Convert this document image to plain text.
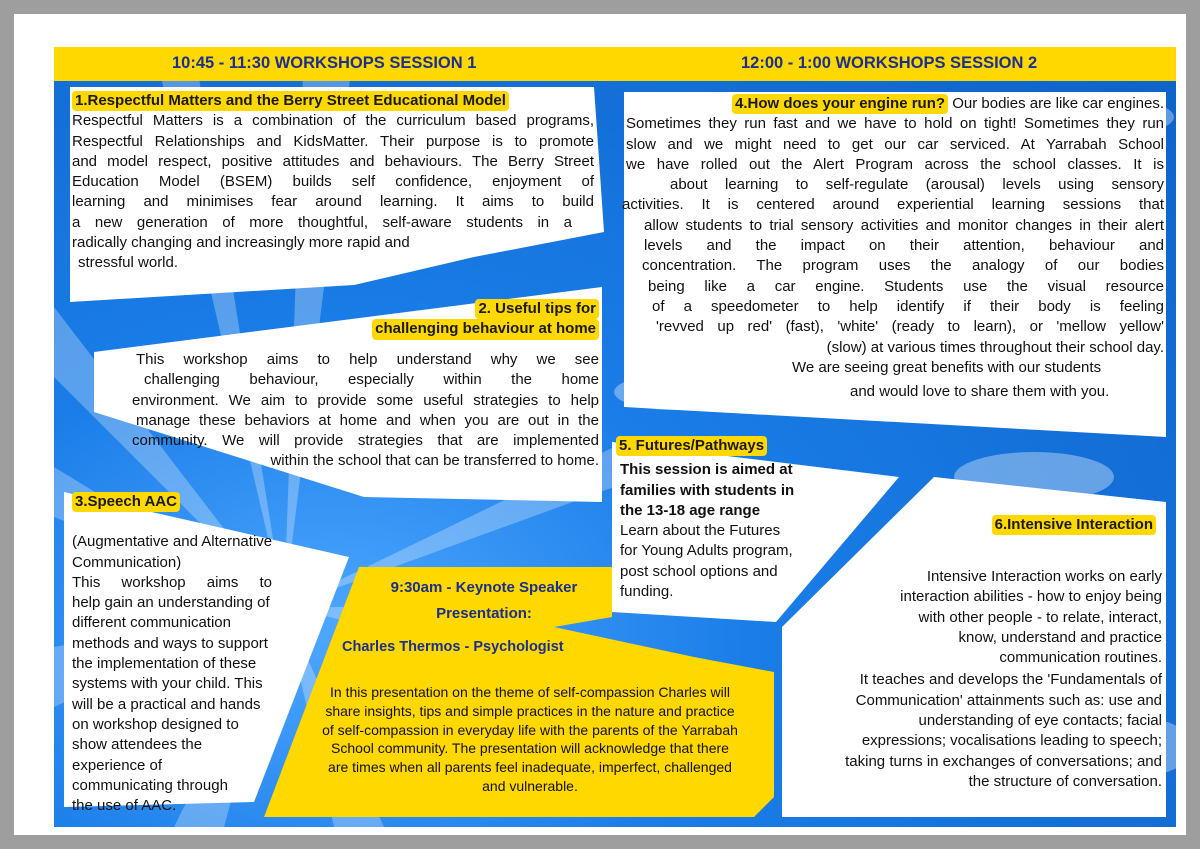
10:45 - 11:30 WORKSHOPS SESSION 1	12:00 - 1:00 WORKSHOPS SESSION 2
1.Respectful Matters and the Berry Street Educational Model
Respectful Matters is a combination of the curriculum based programs,
Respectful Relationships and KidsMatter. Their purpose is to promote
and model respect, positive attitudes and behaviours. The Berry Street
Education Model (BSEM) builds self confidence, enjoyment of
learning and minimises fear around learning. It aims to build
a new generation of more thoughtful, self-aware students in a
radically changing and increasingly more rapid and
stressful world.
2. Useful tips for
challenging behaviour at home
This workshop aims to help understand why we see
challenging behaviour, especially within the home
environment. We aim to provide some useful strategies to help
manage these behaviors at home and when you are out in the
community. We will provide strategies that are implemented
within the school that can be transferred to home.
3.Speech AAC
(Augmentative and Alternative
Communication)
This workshop aims to
help gain an understanding of
different communication
methods and ways to support
the implementation of these
systems with your child. This
will be a practical and hands
on workshop designed to
show attendees the
experience of
communicating through
the use of AAC.
4.How does your engine run? Our bodies are like car engines.
Sometimes they run fast and we have to hold on tight! Sometimes they run
slow and we might need to get our car serviced. At Yarrabah School
we have rolled out the Alert Program across the school classes. It is
about learning to self-regulate (arousal) levels using sensory
activities. It is centered around experiential learning sessions that
allow students to trial sensory activities and monitor changes in their alert
levels and the impact on their attention, behaviour and
concentration. The program uses the analogy of our bodies
being like a car engine. Students use the visual resource
of a speedometer to help identify if their body is feeling
'revved up red' (fast), 'white' (ready to learn), or 'mellow yellow'
(slow) at various times throughout their school day.
We are seeing great benefits with our students
and would love to share them with you.
5. Futures/Pathways
This session is aimed at
families with students in
the 13-18 age range
Learn about the Futures
for Young Adults program,
post school options and
funding.
6.Intensive Interaction
Intensive Interaction works on early
interaction abilities - how to enjoy being
with other people - to relate, interact,
know, understand and practice
communication routines.
It teaches and develops the 'Fundamentals of
Communication' attainments such as: use and
understanding of eye contacts; facial
expressions; vocalisations leading to speech;
taking turns in exchanges of conversations; and
the structure of conversation.
9:30am - Keynote Speaker
Presentation:
Charles Thermos - Psychologist
In this presentation on the theme of self-compassion Charles will
share insights, tips and simple practices in the nature and practice
of self-compassion in everyday life with the parents of the Yarrabah
School community. The presentation will acknowledge that there
are times when all parents feel inadequate, imperfect, challenged
and vulnerable.
